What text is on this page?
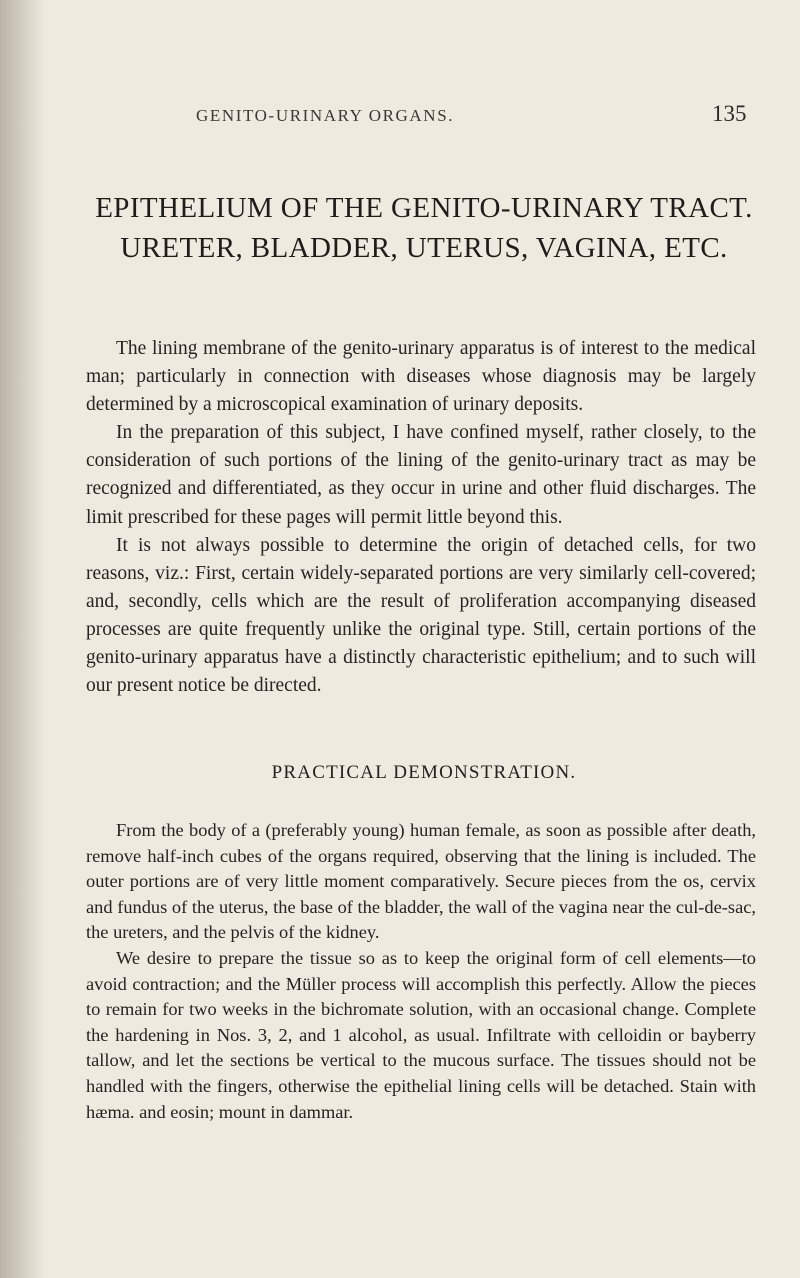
GENITO-URINARY ORGANS.	135
EPITHELIUM OF THE GENITO-URINARY TRACT. URETER, BLADDER, UTERUS, VAGINA, ETC.

The lining membrane of the genito-urinary apparatus is of interest to the medical man; particularly in connection with diseases whose diagnosis may be largely determined by a microscopical examination of urinary deposits.

In the preparation of this subject, I have confined myself, rather closely, to the consideration of such portions of the lining of the genito-urinary tract as may be recognized and differentiated, as they occur in urine and other fluid discharges. The limit prescribed for these pages will permit little beyond this.

It is not always possible to determine the origin of detached cells, for two reasons, viz.: First, certain widely-separated portions are very similarly cell-covered; and, secondly, cells which are the result of proliferation accompanying diseased processes are quite frequently unlike the original type. Still, certain portions of the genito-urinary apparatus have a distinctly characteristic epithelium; and to such will our present notice be directed.

PRACTICAL DEMONSTRATION.

From the body of a (preferably young) human female, as soon as possible after death, remove half-inch cubes of the organs required, observing that the lining is included. The outer portions are of very little moment comparatively. Secure pieces from the os, cervix and fundus of the uterus, the base of the bladder, the wall of the vagina near the cul-de-sac, the ureters, and the pelvis of the kidney.

We desire to prepare the tissue so as to keep the original form of cell elements—to avoid contraction; and the Müller process will accomplish this perfectly. Allow the pieces to remain for two weeks in the bichromate solution, with an occasional change. Complete the hardening in Nos. 3, 2, and 1 alcohol, as usual. Infiltrate with celloidin or bayberry tallow, and let the sections be vertical to the mucous surface. The tissues should not be handled with the fingers, otherwise the epithelial lining cells will be detached. Stain with hæma. and eosin; mount in dammar.
